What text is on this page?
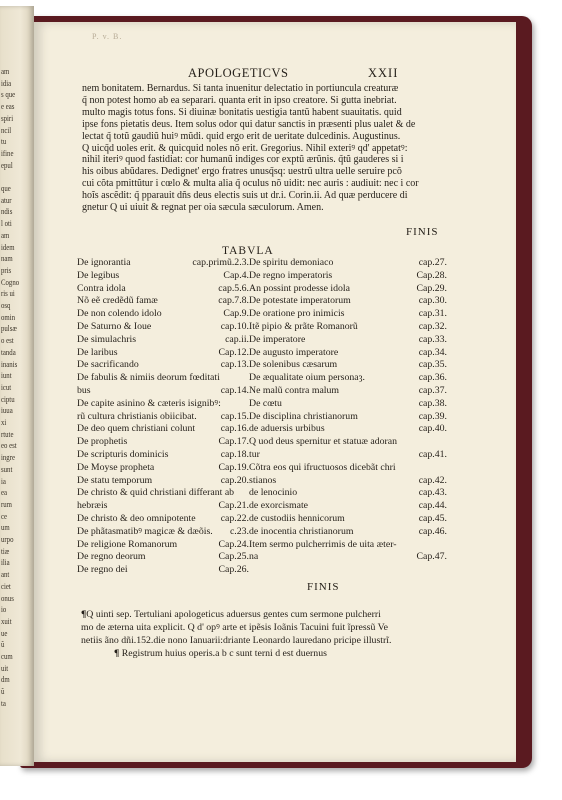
am
idia
s que
e eas
spiri
ncil
tu
ifine
epul
que
atur
ndis
l oti
am
idem
nam
pris
Cogno
ris ui
osq
omin
pulsæ
o est
tanda
inanis
iunt
icut
ciptu
iuua
xi
rtute
eo est
ingre
sunt
ia
ea
rum
ce
um
urpo
tiæ
ilia
ant
ciet
onus
io
xuit
ue
ũ
cum
uit
dm
ũ
ta
P. v. B.
APOLOGETICVS	XXII
nem bonitatem. Bernardus. Si tanta inuenitur delectatio in portiuncula creaturæ
q̃ non potest homo ab ea separari. quanta erit in ipso creatore. Si gutta inebriat.
multo magis totus fons. Si diuinæ bonitatis uestigia tantũ habent suauitatis. quid
ipse fons pietatis deus. Item solus odor qui datur sanctis in præsenti plus ualet & de
lectat q̃ totũ gaudiũ huiꝰ mũdi. quid ergo erit de ueritate dulcedinis. Augustinus.
Q uicq̃d uoles erit. & quicquid noles nõ erit. Gregorius. Nihil exteriꝰ qd' appetatꝰ:
nihil iteriꝰ quod fastidiat: cor humanũ indiges cor exptũ ærũnis. q̃tũ gauderes si i
his oibus abũdares. Dedignet' ergo fratres unusq̃sq: uestrũ ultra uelle seruire pcõ
cui cõta pmittũtur i cœlo & multa alia q̃ oculus nõ uidit: nec auris : audiuit: nec i cor
hoĩs ascẽdit: q̃ pparauit dñs deus electis suis ut dr.i. Corin.ii. Ad quæ perducere di
gnetur Q ui uiuit & regnat per oia sæcula sæculorum. Amen.
FINIS
TABVLA
De ignorantia	cap.primũ.2.3.
De legibus	Cap.4.
Contra idola	cap.5.6.
Nõ eẽ credẽdũ famæ	cap.7.8.
De non colendo idolo	Cap.9.
De Saturno & Ioue	cap.10.
De simulachris	cap.ii.
De laribus	Cap.12.
De sacrificando	cap.13.
De fabulis & nimiis deorum fœditati
bus	cap.14.
De capite asinino & cæteris isignibꝰ:
rũ cultura christianis obiicibat. cap.15.
De deo quem christiani colunt	cap.16.
De prophetis	Cap.17.
De scripturis dominicis	cap.18.
De Moyse propheta	Cap.19.
De statu temporum	cap.20.
De christo & quid christiani differant ab
hebræis	Cap.21.
De christo & deo omnipotente	cap.22.
De phãtasmatibꝰ magicæ & dæõis. c.23.
De religione Romanorum	Cap.24.
De regno deorum	Cap.25.
De regno dei	Cap.26.
De spiritu demoniaco	cap.27.
De regno imperatoris	Cap.28.
An possint prodesse idola	Cap.29.
De potestate imperatorum	cap.30.
De oratione pro inimicis	cap.31.
Itẽ pipio & prãte Romanorũ	cap.32.
De imperatore	cap.33.
De augusto imperatore	cap.34.
De solenibus cæsarum	cap.35.
De æqualitate oium personaȝ.	cap.36.
Ne malũ contra malum	cap.37.
De cœtu	cap.38.
De disciplina christianorum	cap.39.
de aduersis urbibus	cap.40.
Q uod deus spernitur et statuæ adoran
tur	cap.41.
Cõtra eos qui ifructuosos dicebãt chri
stianos	cap.42.
de lenocinio	cap.43.
de exorcismate	cap.44.
de custodiis hennicorum	cap.45.
de inocentia christianorum	cap.46.
Item sermo pulcherrimis de uita æter-
na	Cap.47.
FINIS
¶Q uinti sep. Tertuliani apologeticus aduersus gentes cum sermone pulcherri
mo de æterna uita explicit. Q d' opꝰ arte et ipẽsis Ioãnis Tacuini fuit ĩpressũ Ve
netiis ãno dñi.152.die nono Ianuarii:driante Leonardo lauredano pricipe illustrĩ.
¶ Registrum huius operis.a b c sunt terni d est duernus
